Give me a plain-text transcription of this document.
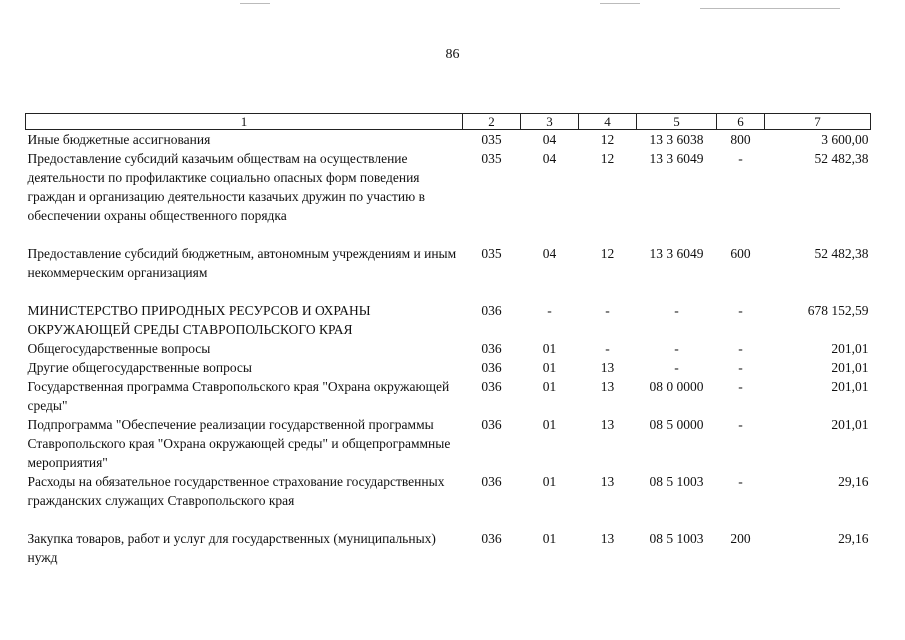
86
1	2	3	4	5	6	7
Иные бюджетные ассигнования	035	04	12	13 3 6038	800	3 600,00
Предоставление субсидий казачьим обществам на осуществление деятельности по профилактике социально опасных форм поведения граждан и организацию деятельности казачьих дружин по участию в обеспечении охраны общественного порядка	035	04	12	13 3 6049	-	52 482,38
Предоставление субсидий бюджетным, автономным учреждениям и иным некоммерческим организациям	035	04	12	13 3 6049	600	52 482,38
МИНИСТЕРСТВО ПРИРОДНЫХ РЕСУРСОВ И ОХРАНЫ ОКРУЖАЮЩЕЙ СРЕДЫ СТАВРОПОЛЬСКОГО КРАЯ	036	-	-	-	-	678 152,59
Общегосударственные вопросы	036	01	-	-	-	201,01
Другие общегосударственные вопросы	036	01	13	-	-	201,01
Государственная программа Ставропольского края "Охрана окружающей среды"	036	01	13	08 0 0000	-	201,01
Подпрограмма "Обеспечение реализации государственной программы Ставропольского края "Охрана окружающей среды" и общепрограммные мероприятия"	036	01	13	08 5 0000	-	201,01
Расходы на обязательное государственное страхование государственных гражданских служащих Ставропольского края	036	01	13	08 5 1003	-	29,16
Закупка товаров, работ и услуг для государственных (муниципальных) нужд	036	01	13	08 5 1003	200	29,16
